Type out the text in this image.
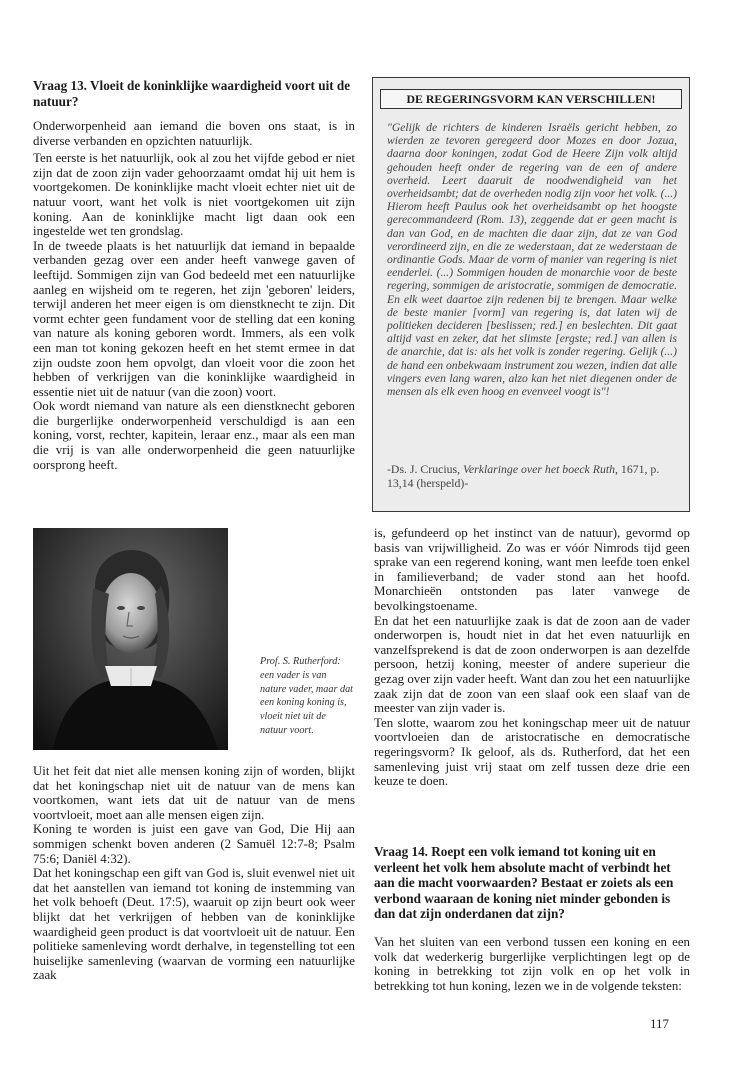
Vraag 13. Vloeit de koninklijke waardigheid voort uit de natuur?

Onderworpenheid aan iemand die boven ons staat, is in diverse verbanden en opzichten natuurlijk.

Ten eerste is het natuurlijk, ook al zou het vijfde gebod er niet zijn dat de zoon zijn vader gehoorzaamt omdat hij uit hem is voortgekomen. De koninklijke macht vloeit echter niet uit de natuur voort, want het volk is niet voortgekomen uit zijn koning. Aan de koninklijke macht ligt daan ook een ingestelde wet ten grondslag.

In de tweede plaats is het natuurlijk dat iemand in bepaalde verbanden gezag over een ander heeft vanwege gaven of leeftijd. Sommigen zijn van God bedeeld met een natuurlijke aanleg en wijsheid om te regeren, het zijn 'geboren' leiders, terwijl anderen het meer eigen is om dienstknecht te zijn. Dit vormt echter geen fundament voor de stelling dat een koning van nature als koning geboren wordt. Immers, als een volk een man tot koning gekozen heeft en het stemt ermee in dat zijn oudste zoon hem opvolgt, dan vloeit voor die zoon het hebben of verkrijgen van die koninklijke waardigheid in essentie niet uit de natuur (van die zoon) voort.

Ook wordt niemand van nature als een dienstknecht geboren die burgerlijke onderworpenheid verschuldigd is aan een koning, vorst, rechter, kapitein, leraar enz., maar als een man die vrij is van alle onderworpenheid die geen natuurlijke oorsprong heeft.

DE REGERINGSVORM KAN VERSCHILLEN!
"Gelijk de richters de kinderen Israëls gericht hebben, zo wierden ze tevoren geregeerd door Mozes en door Jozua, daarna door koningen, zodat God de Heere Zijn volk altijd gehouden heeft onder de regering van de een of andere overheid. Leert daaruit de noodwendigheid van het overheidsambt; dat de overheden nodig zijn voor het volk. (...) Hierom heeft Paulus ook het overheidsambt op het hoogste gerecommandeerd (Rom. 13), zeggende dat er geen macht is dan van God, en de machten die daar zijn, dat ze van God verordineerd zijn, en die ze wederstaan, dat ze wederstaan de ordinantie Gods. Maar de vorm of manier van regering is niet eenderlei. (...) Sommigen houden de monarchie voor de beste regering, sommigen de aristocratie, sommigen de democratie. En elk weet daartoe zijn redenen bij te brengen. Maar welke de beste manier [vorm] van regering is, dat laten wij de politieken decideren [beslissen; red.] en beslechten. Dit gaat altijd vast en zeker, dat het slimste [ergste; red.] van allen is de anarchie, dat is: als het volk is zonder regering. Gelijk (...) de hand een onbekwaam instrument zou wezen, indien dat alle vingers even lang waren, alzo kan het niet diegenen onder de mensen als elk even hoog en evenveel voogt is"!
-Ds. J. Crucius, Verklaringe over het boeck Ruth, 1671, p. 13,14 (herspeld)-
Prof. S. Rutherford: een vader is van nature vader, maar dat een koning koning is, vloeit niet uit de natuur voort.

Uit het feit dat niet alle mensen koning zijn of worden, blijkt dat het koningschap niet uit de natuur van de mens kan voortkomen, want iets dat uit de natuur van de mens voortvloeit, moet aan alle mensen eigen zijn.

Koning te worden is juist een gave van God, Die Hij aan sommigen schenkt boven anderen (2 Samuël 12:7-8; Psalm 75:6; Daniël 4:32).

Dat het koningschap een gift van God is, sluit evenwel niet uit dat het aanstellen van iemand tot koning de instemming van het volk behoeft (Deut. 17:5), waaruit op zijn beurt ook weer blijkt dat het verkrijgen of hebben van de koninklijke waardigheid geen product is dat voortvloeit uit de natuur. Een politieke samenleving wordt derhalve, in tegenstelling tot een huiselijke samenleving (waarvan de vorming een natuurlijke zaak

is, gefundeerd op het instinct van de natuur), gevormd op basis van vrijwilligheid. Zo was er vóór Nimrods tijd geen sprake van een regerend koning, want men leefde toen enkel in familieverband; de vader stond aan het hoofd. Monarchieën ontstonden pas later vanwege de bevolkingstoename.

En dat het een natuurlijke zaak is dat de zoon aan de vader onderworpen is, houdt niet in dat het even natuurlijk en vanzelfsprekend is dat de zoon onderworpen is aan dezelfde persoon, hetzij koning, meester of andere superieur die gezag over zijn vader heeft. Want dan zou het een natuurlijke zaak zijn dat de zoon van een slaaf ook een slaaf van de meester van zijn vader is.

Ten slotte, waarom zou het koningschap meer uit de natuur voortvloeien dan de aristocratische en democratische regeringsvorm? Ik geloof, als ds. Rutherford, dat het een samenleving juist vrij staat om zelf tussen deze drie een keuze te doen.

Vraag 14. Roept een volk iemand tot koning uit en verleent het volk hem absolute macht of verbindt het aan die macht voorwaarden? Bestaat er zoiets als een verbond waaraan de koning niet minder gebonden is dan dat zijn onderdanen dat zijn?

Van het sluiten van een verbond tussen een koning en een volk dat wederkerig burgerlijke verplichtingen legt op de koning in betrekking tot zijn volk en op het volk in betrekking tot hun koning, lezen we in de volgende teksten:

117
